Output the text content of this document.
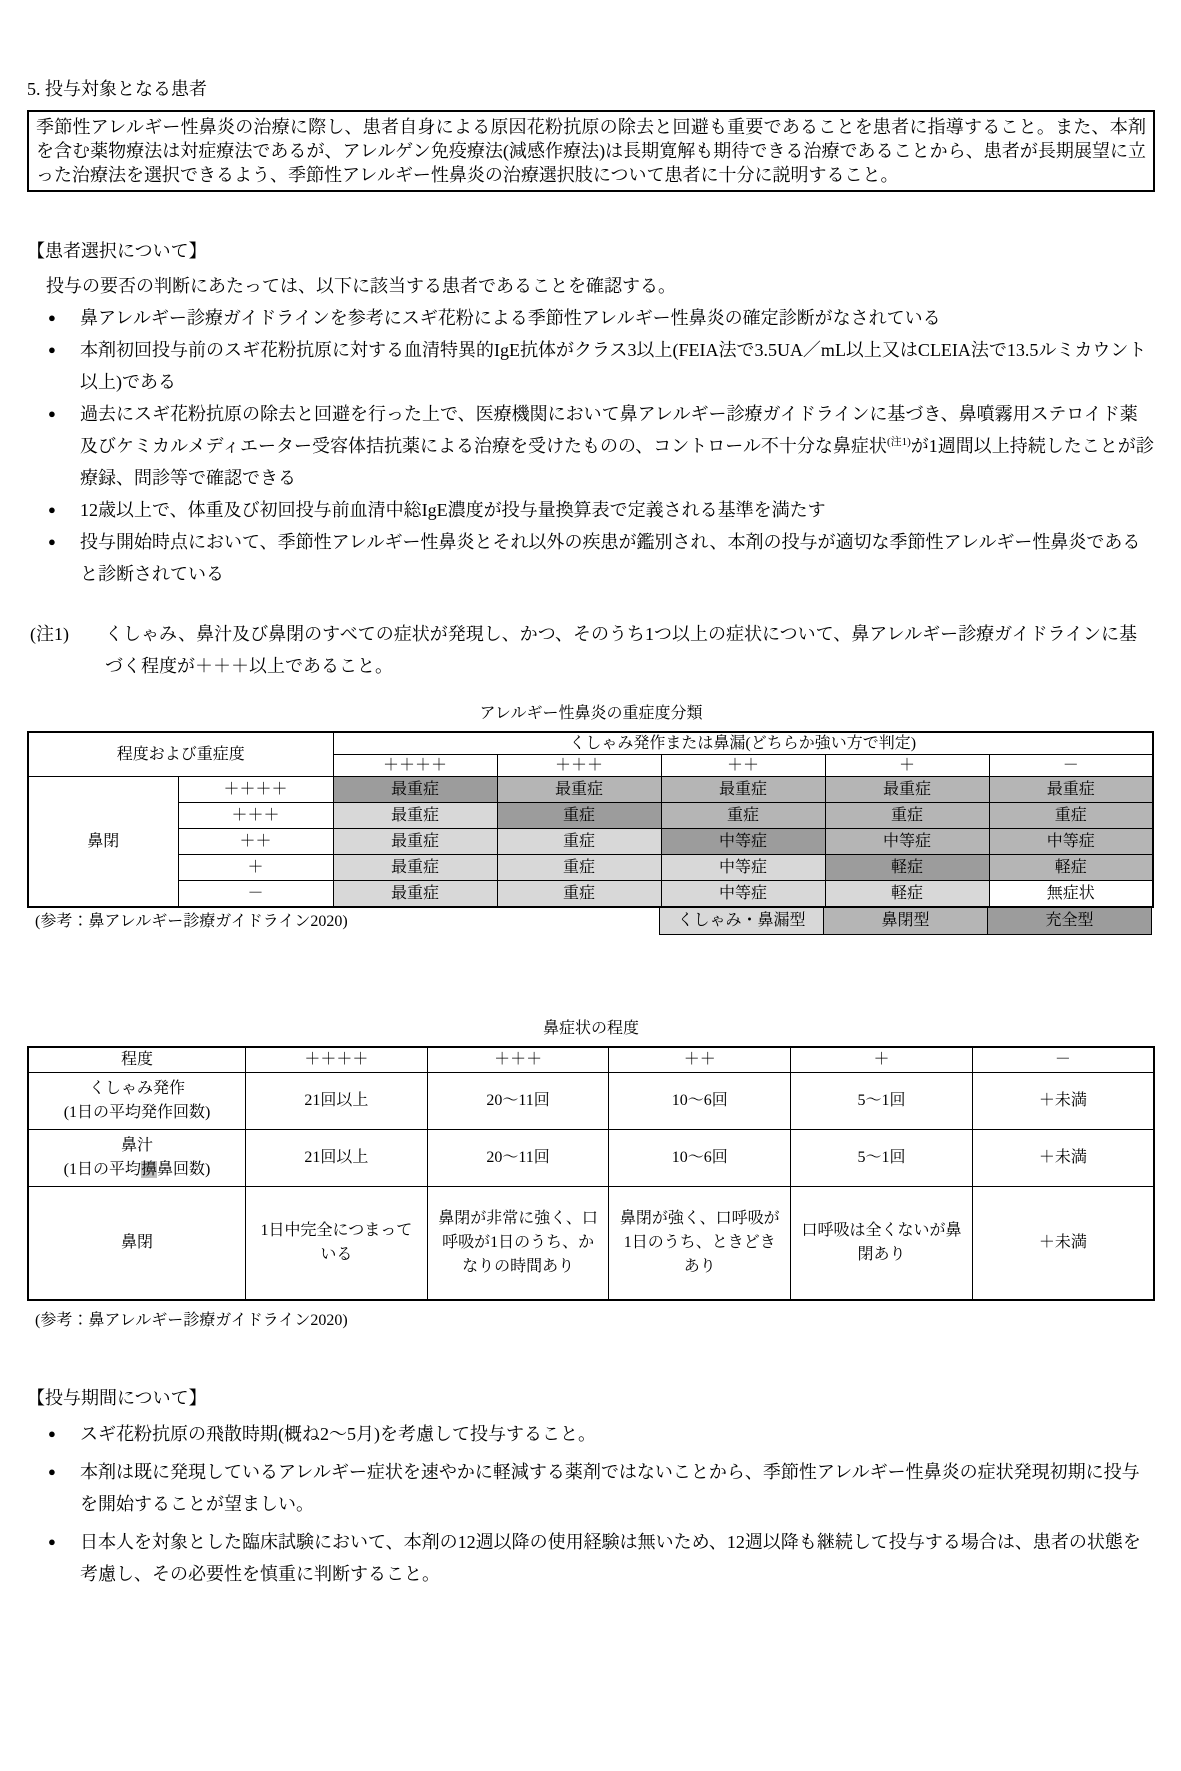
5. 投与対象となる患者
季節性アレルギー性鼻炎の治療に際し、患者自身による原因花粉抗原の除去と回避も重要であることを患者に指導すること。また、本剤を含む薬物療法は対症療法であるが、アレルゲン免疫療法(減感作療法)は長期寛解も期待できる治療であることから、患者が長期展望に立った治療法を選択できるよう、季節性アレルギー性鼻炎の治療選択肢について患者に十分に説明すること。
【患者選択について】
投与の要否の判断にあたっては、以下に該当する患者であることを確認する。
● 鼻アレルギー診療ガイドラインを参考にスギ花粉による季節性アレルギー性鼻炎の確定診断がなされている
● 本剤初回投与前のスギ花粉抗原に対する血清特異的IgE抗体がクラス3以上(FEIA法で3.5UA／mL以上又はCLEIA法で13.5ルミカウント以上)である
● 過去にスギ花粉抗原の除去と回避を行った上で、医療機関において鼻アレルギー診療ガイドラインに基づき、鼻噴霧用ステロイド薬及びケミカルメディエーター受容体拮抗薬による治療を受けたものの、コントロール不十分な鼻症状$^{(注1)}$が1週間以上持続したことが診療録、問診等で確認できる
● 12歳以上で、体重及び初回投与前血清中総IgE濃度が投与量換算表で定義される基準を満たす
● 投与開始時点において、季節性アレルギー性鼻炎とそれ以外の疾患が鑑別され、本剤の投与が適切な季節性アレルギー性鼻炎であると診断されている
(注1) くしゃみ、鼻汁及び鼻閉のすべての症状が発現し、かつ、そのうち1つ以上の症状について、鼻アレルギー診療ガイドラインに基づく程度が＋＋＋以上であること。
アレルギー性鼻炎の重症度分類
程度および重症度		くしゃみ発作または鼻漏(どちらか強い方で判定)				
		＋＋＋＋	＋＋＋	＋＋	＋	－
鼻閉	＋＋＋＋	最重症	最重症	最重症	最重症	最重症
	＋＋＋	最重症	重症	重症	重症	重症
	＋＋	最重症	重症	中等症	中等症	中等症
	＋	最重症	重症	中等症	軽症	軽症
	－	最重症	重症	中等症	軽症	無症状
(参考：鼻アレルギー診療ガイドライン2020)	くしゃみ・鼻漏型	鼻閉型	充全型
鼻症状の程度
程度	＋＋＋＋	＋＋＋	＋＋	＋	－

くしゃみ発作
(1日の平均発作回数)	21回以上	20〜11回	10〜6回	5〜1回	＋未満

鼻汁
(1日の平均擤鼻回数)	21回以上	20〜11回	10〜6回	5〜1回	＋未満
鼻閉	1日中完全につまっている	鼻閉が非常に強く、口呼吸が1日のうち、かなりの時間あり	鼻閉が強く、口呼吸が1日のうち、ときどきあり	口呼吸は全くないが鼻閉あり	＋未満
(参考：鼻アレルギー診療ガイドライン2020)
【投与期間について】
● スギ花粉抗原の飛散時期(概ね2〜5月)を考慮して投与すること。
● 本剤は既に発現しているアレルギー症状を速やかに軽減する薬剤ではないことから、季節性アレルギー性鼻炎の症状発現初期に投与を開始することが望ましい。
● 日本人を対象とした臨床試験において、本剤の12週以降の使用経験は無いため、12週以降も継続して投与する場合は、患者の状態を考慮し、その必要性を慎重に判断すること。
